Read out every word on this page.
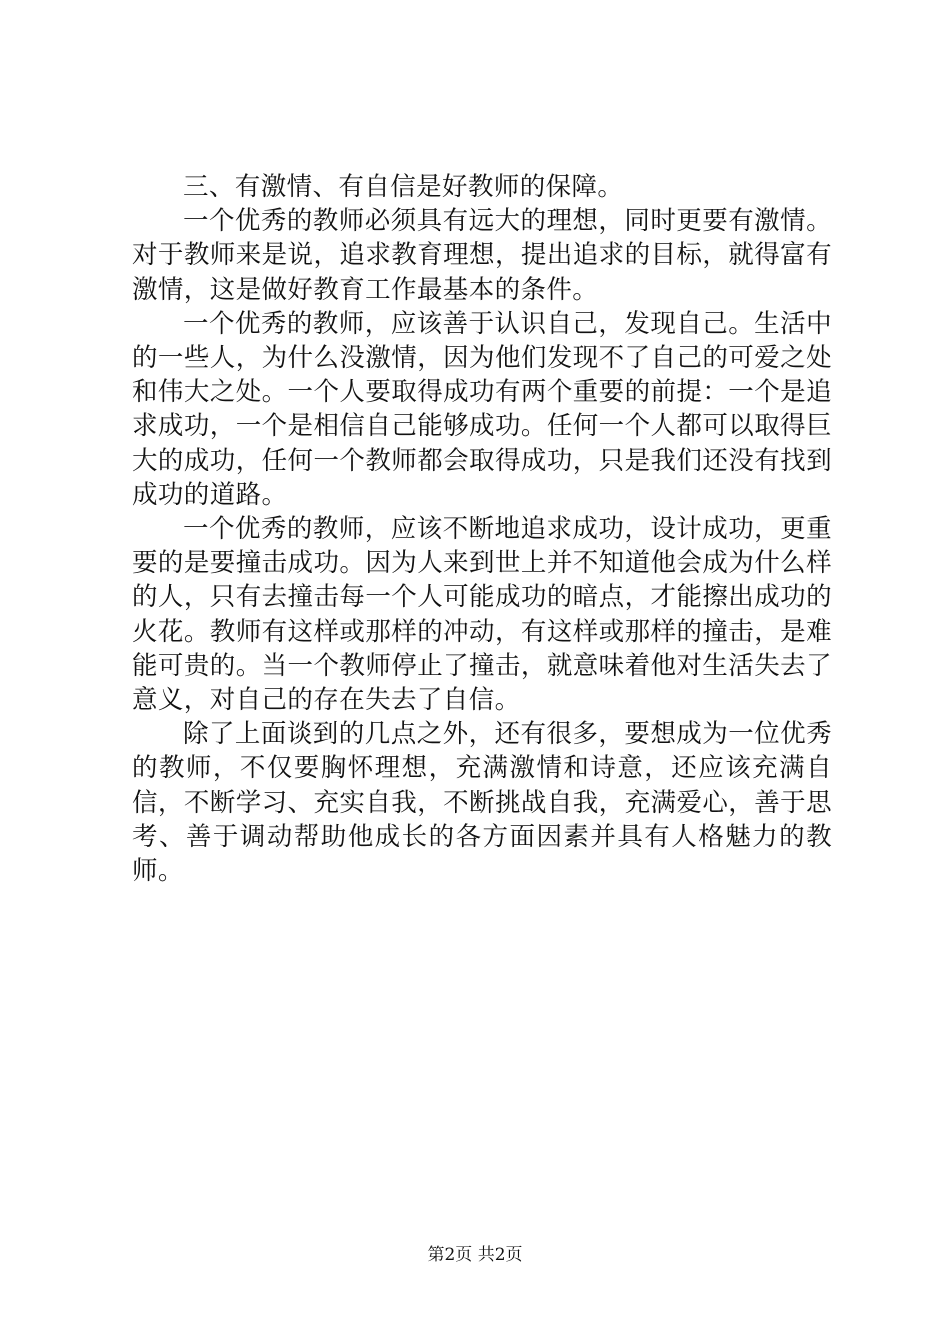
三、有激情、有自信是好教师的保障。

一个优秀的教师必须具有远大的理想，同时更要有激情。对于教师来是说，追求教育理想，提出追求的目标，就得富有激情，这是做好教育工作最基本的条件。

一个优秀的教师，应该善于认识自己，发现自己。生活中的一些人，为什么没激情，因为他们发现不了自己的可爱之处和伟大之处。一个人要取得成功有两个重要的前提：一个是追求成功，一个是相信自己能够成功。任何一个人都可以取得巨大的成功，任何一个教师都会取得成功，只是我们还没有找到成功的道路。

一个优秀的教师，应该不断地追求成功，设计成功，更重要的是要撞击成功。因为人来到世上并不知道他会成为什么样的人，只有去撞击每一个人可能成功的暗点，才能擦出成功的火花。教师有这样或那样的冲动，有这样或那样的撞击，是难能可贵的。当一个教师停止了撞击，就意味着他对生活失去了意义，对自己的存在失去了自信。

除了上面谈到的几点之外，还有很多，要想成为一位优秀的教师，不仅要胸怀理想，充满激情和诗意，还应该充满自信，不断学习、充实自我，不断挑战自我，充满爱心，善于思考、善于调动帮助他成长的各方面因素并具有人格魅力的教师。

第2页 共2页
